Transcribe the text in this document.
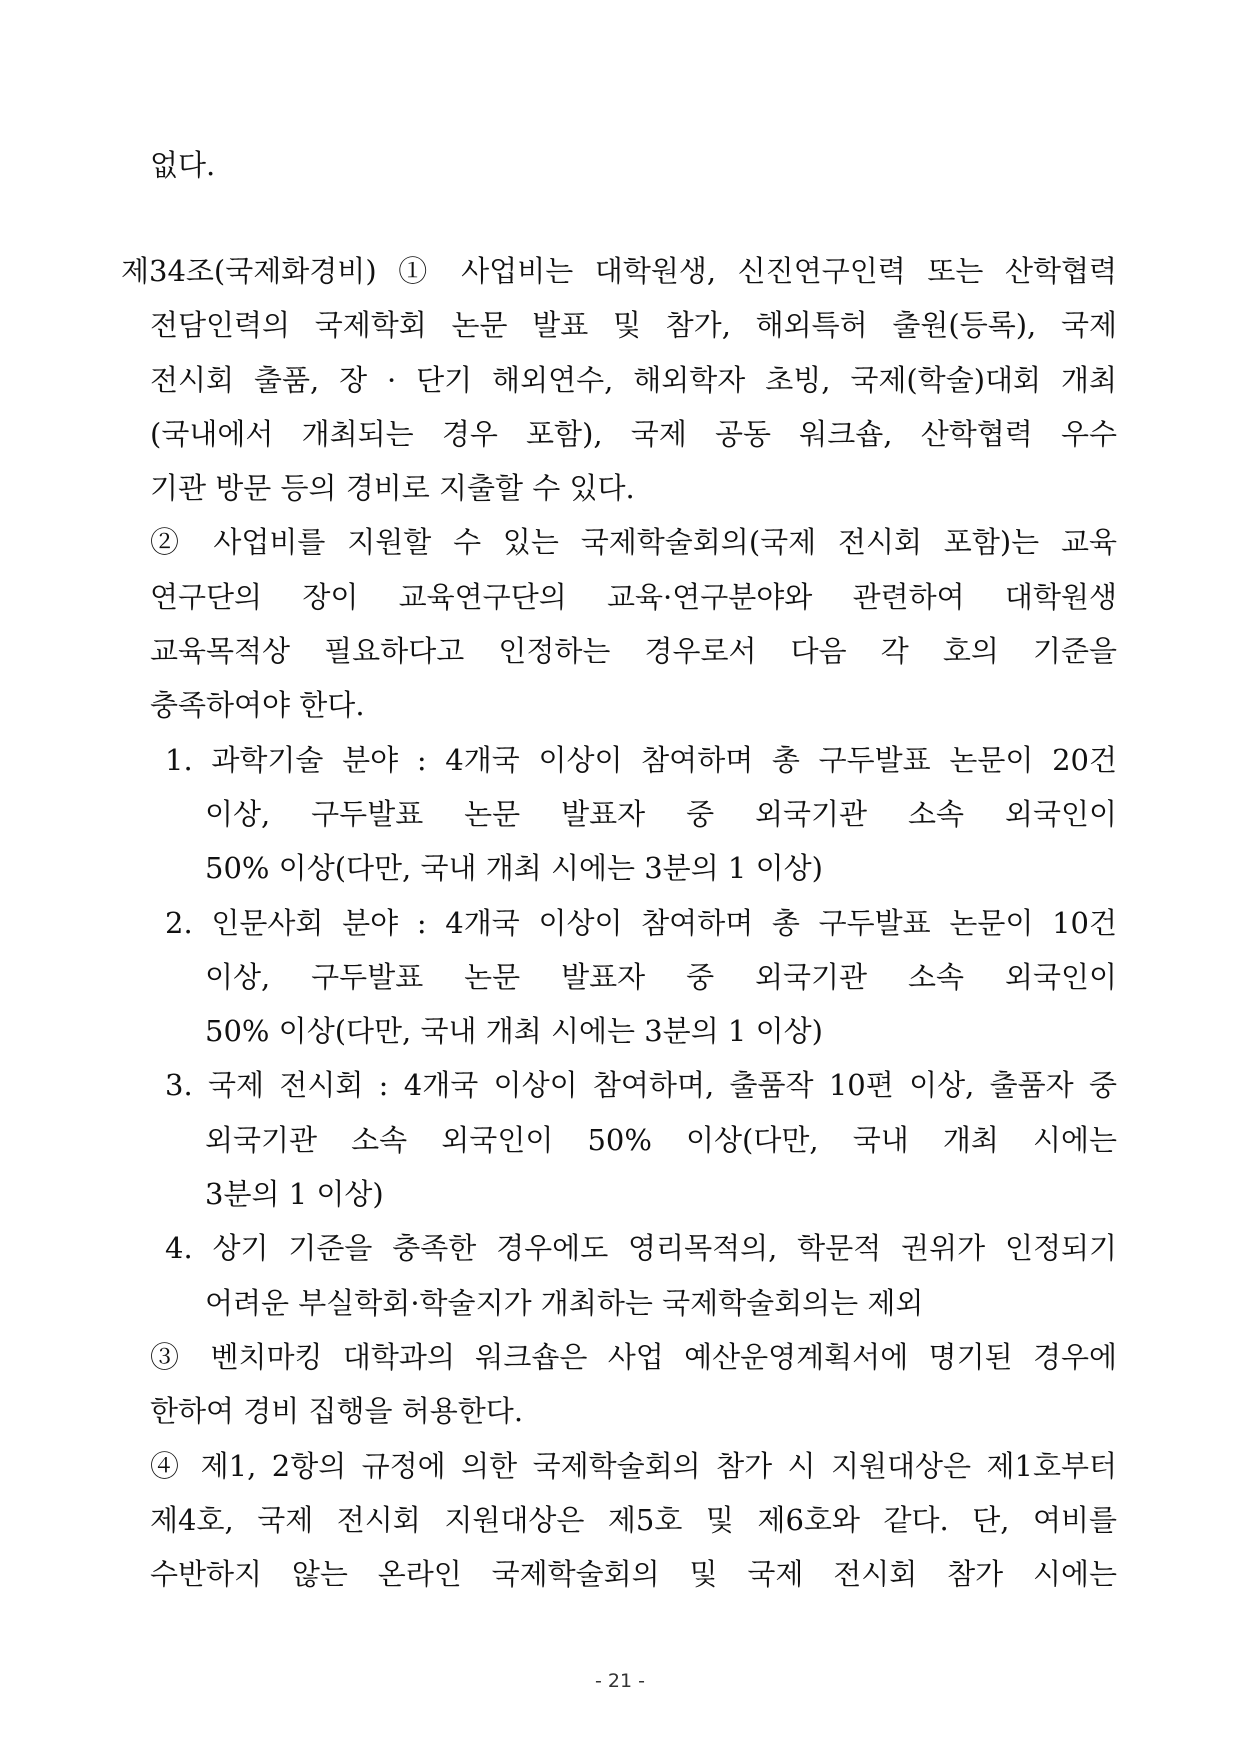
없다.
제34조(국제화경비) ① 사업비는 대학원생, 신진연구인력 또는 산학협력
전담인력의 국제학회 논문 발표 및 참가, 해외특허 출원(등록), 국제
전시회 출품, 장 · 단기 해외연수, 해외학자 초빙, 국제(학술)대회 개최
(국내에서 개최되는 경우 포함), 국제 공동 워크숍, 산학협력 우수
기관 방문 등의 경비로 지출할 수 있다.
② 사업비를 지원할 수 있는 국제학술회의(국제 전시회 포함)는 교육
연구단의 장이 교육연구단의 교육·연구분야와 관련하여 대학원생
교육목적상 필요하다고 인정하는 경우로서 다음 각 호의 기준을
충족하여야 한다.
1. 과학기술 분야 : 4개국 이상이 참여하며 총 구두발표 논문이 20건
이상, 구두발표 논문 발표자 중 외국기관 소속 외국인이
50% 이상(다만, 국내 개최 시에는 3분의 1 이상)
2. 인문사회 분야 : 4개국 이상이 참여하며 총 구두발표 논문이 10건
이상, 구두발표 논문 발표자 중 외국기관 소속 외국인이
50% 이상(다만, 국내 개최 시에는 3분의 1 이상)
3. 국제 전시회 : 4개국 이상이 참여하며, 출품작 10편 이상, 출품자 중
외국기관 소속 외국인이 50% 이상(다만, 국내 개최 시에는
3분의 1 이상)
4. 상기 기준을 충족한 경우에도 영리목적의, 학문적 권위가 인정되기
어려운 부실학회·학술지가 개최하는 국제학술회의는 제외
③ 벤치마킹 대학과의 워크숍은 사업 예산운영계획서에 명기된 경우에
한하여 경비 집행을 허용한다.
④ 제1, 2항의 규정에 의한 국제학술회의 참가 시 지원대상은 제1호부터
제4호, 국제 전시회 지원대상은 제5호 및 제6호와 같다. 단, 여비를
수반하지 않는 온라인 국제학술회의 및 국제 전시회 참가 시에는
- 21 -
